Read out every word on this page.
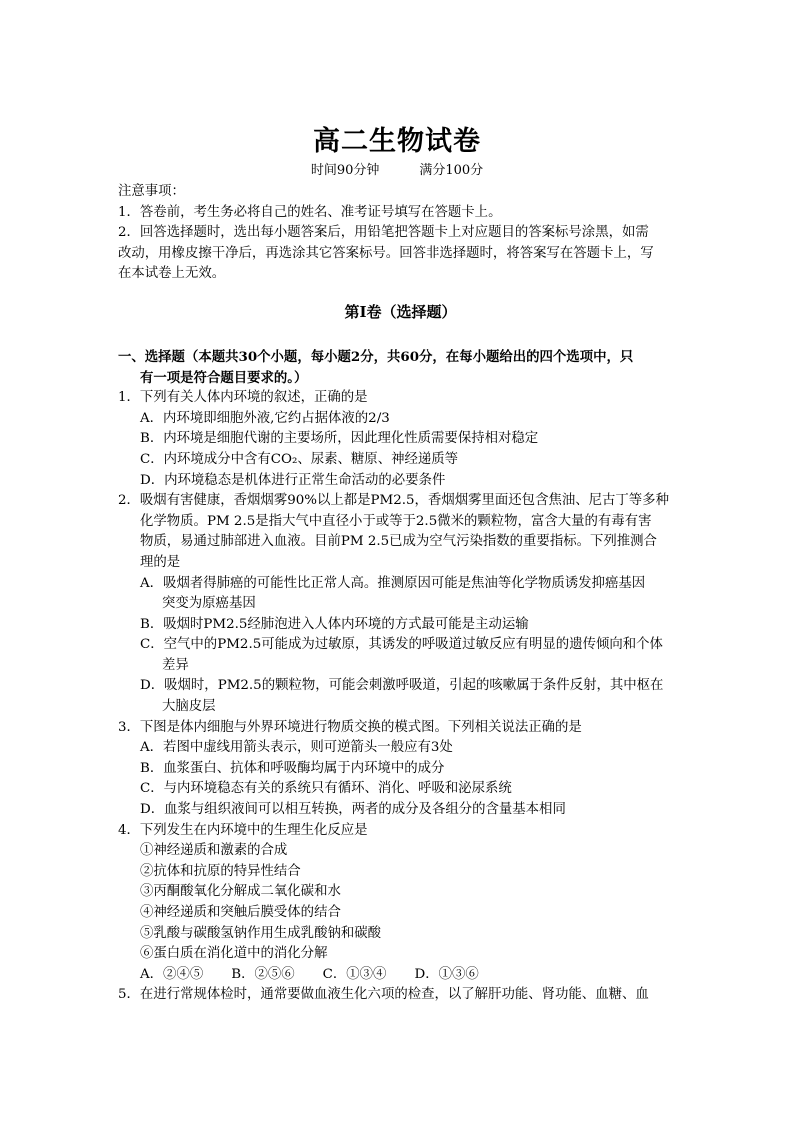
高二生物试卷
时间90分钟	满分100分
注意事项：
1．答卷前，考生务必将自己的姓名、准考证号填写在答题卡上。
2．回答选择题时，选出每小题答案后，用铅笔把答题卡上对应题目的答案标号涂黑，如需
改动，用橡皮擦干净后，再选涂其它答案标号。回答非选择题时，将答案写在答题卡上，写
在本试卷上无效。
第Ⅰ卷（选择题）
一、选择题（本题共30个小题，每小题2分，共60分，在每小题给出的四个选项中，只
有一项是符合题目要求的。）
1．下列有关人体内环境的叙述，正确的是
A．内环境即细胞外液,它约占据体液的2/3
B．内环境是细胞代谢的主要场所，因此理化性质需要保持相对稳定
C．内环境成分中含有CO₂、尿素、糖原、神经递质等
D．内环境稳态是机体进行正常生命活动的必要条件
2．吸烟有害健康，香烟烟雾90%以上都是PM2.5，香烟烟雾里面还包含焦油、尼古丁等多种
化学物质。PM 2.5是指大气中直径小于或等于2.5微米的颗粒物，富含大量的有毒有害
物质，易通过肺部进入血液。目前PM 2.5已成为空气污染指数的重要指标。下列推测合
理的是
A．吸烟者得肺癌的可能性比正常人高。推测原因可能是焦油等化学物质诱发抑癌基因
突变为原癌基因
B．吸烟时PM2.5经肺泡进入人体内环境的方式最可能是主动运输
C．空气中的PM2.5可能成为过敏原，其诱发的呼吸道过敏反应有明显的遗传倾向和个体
差异
D．吸烟时，PM2.5的颗粒物，可能会刺激呼吸道，引起的咳嗽属于条件反射，其中枢在
大脑皮层
3．下图是体内细胞与外界环境进行物质交换的模式图。下列相关说法正确的是
A．若图中虚线用箭头表示，则可逆箭头一般应有3处
B．血浆蛋白、抗体和呼吸酶均属于内环境中的成分
C．与内环境稳态有关的系统只有循环、消化、呼吸和泌尿系统
D．血浆与组织液间可以相互转换，两者的成分及各组分的含量基本相同
4．下列发生在内环境中的生理生化反应是
①神经递质和激素的合成
②抗体和抗原的特异性结合
③丙酮酸氧化分解成二氧化碳和水
④神经递质和突触后膜受体的结合
⑤乳酸与碳酸氢钠作用生成乳酸钠和碳酸
⑥蛋白质在消化道中的消化分解
A．②④⑤ B．②⑤⑥ C．①③④ D．①③⑥
5．在进行常规体检时，通常要做血液生化六项的检查，以了解肝功能、肾功能、血糖、血
